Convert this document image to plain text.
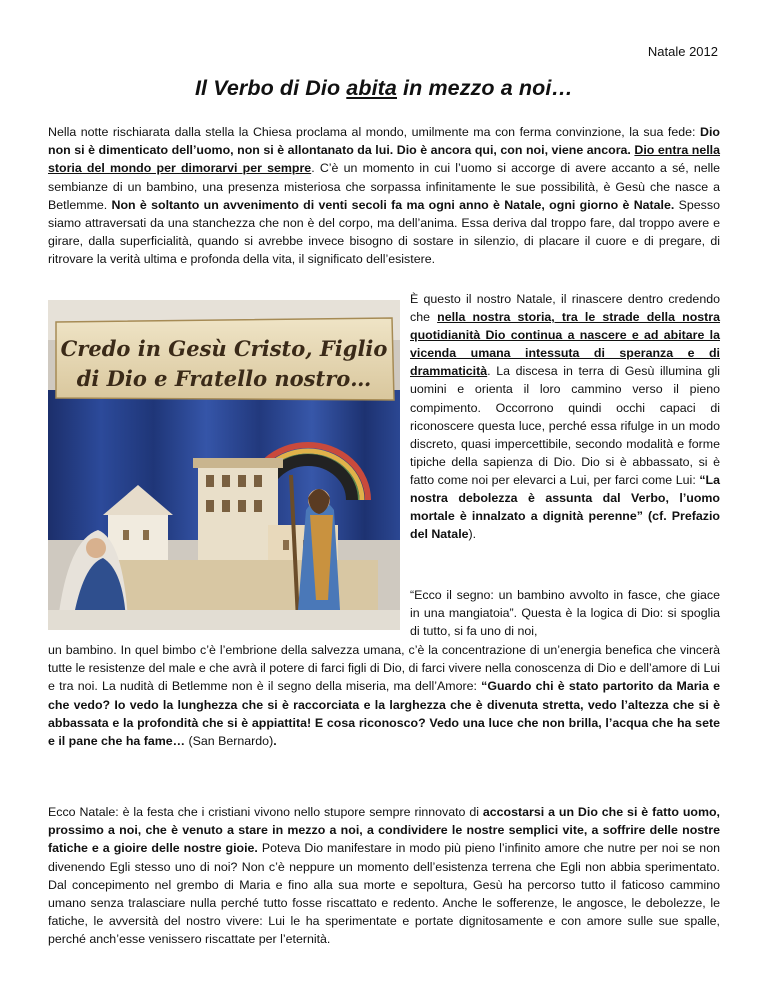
Natale 2012
Il Verbo di Dio abita in mezzo a noi…

Nella notte rischiarata dalla stella la Chiesa proclama al mondo, umilmente ma con ferma convinzione, la sua fede: Dio non si è dimenticato dell’uomo, non si è allontanato da lui. Dio è ancora qui, con noi, viene ancora. Dio entra nella storia del mondo per dimorarvi per sempre. C’è un momento in cui l’uomo si accorge di avere accanto a sé, nelle sembianze di un bambino, una presenza misteriosa che sorpassa infinitamente le sue possibilità, è Gesù che nasce a Betlemme. Non è soltanto un avvenimento di venti secoli fa ma ogni anno è Natale, ogni giorno è Natale. Spesso siamo attraversati da una stanchezza che non è del corpo, ma dell’anima. Essa deriva dal troppo fare, dal troppo avere e girare, dalla superficialità, quando si avrebbe invece bisogno di sostare in silenzio, di placare il cuore e di pregare, di ritrovare la verità ultima e profonda della vita, il significato dell’esistere.

Credo in Gesù Cristo, Figlio
di Dio e Fratello nostro…

È questo il nostro Natale, il rinascere dentro credendo che nella nostra storia, tra le strade della nostra quotidianità Dio continua a nascere e ad abitare la vicenda umana intessuta di speranza e di drammaticità. La discesa in terra di Gesù illumina gli uomini e orienta il loro cammino verso il pieno compimento. Occorrono quindi occhi capaci di riconoscere questa luce, perché essa rifulge in un modo discreto, quasi impercettibile, secondo modalità e forme tipiche della sapienza di Dio. Dio si è abbassato, si è fatto come noi per elevarci a Lui, per farci come Lui: “La nostra debolezza è assunta dal Verbo, l’uomo mortale è innalzato a dignità perenne” (cf. Prefazio del Natale).

“Ecco il segno: un bambino avvolto in fasce, che giace in una mangiatoia”. Questa è la logica di Dio: si spoglia di tutto, si fa uno di noi,

un bambino. In quel bimbo c’è l’embrione della salvezza umana, c’è la concentrazione di un’energia benefica che vincerà tutte le resistenze del male e che avrà il potere di farci figli di Dio, di farci vivere nella conoscenza di Dio e dell’amore di Lui e tra noi. La nudità di Betlemme non è il segno della miseria, ma dell’Amore: “Guardo chi è stato partorito da Maria e che vedo? Io vedo la lunghezza che si è raccorciata e la larghezza che è divenuta stretta, vedo l’altezza che si è abbassata e la profondità che si è appiattita! E cosa riconosco? Vedo una luce che non brilla, l’acqua che ha sete e il pane che ha fame… (San Bernardo).

Ecco Natale: è la festa che i cristiani vivono nello stupore sempre rinnovato di accostarsi a un Dio che si è fatto uomo, prossimo a noi, che è venuto a stare in mezzo a noi, a condividere le nostre semplici vite, a soffrire delle nostre fatiche e a gioire delle nostre gioie. Poteva Dio manifestare in modo più pieno l’infinito amore che nutre per noi se non divenendo Egli stesso uno di noi? Non c’è neppure un momento dell’esistenza terrena che Egli non abbia sperimentato. Dal concepimento nel grembo di Maria e fino alla sua morte e sepoltura, Gesù ha percorso tutto il faticoso cammino umano senza tralasciare nulla perché tutto fosse riscattato e redento. Anche le sofferenze, le angosce, le debolezze, le fatiche, le avversità del nostro vivere: Lui le ha sperimentate e portate dignitosamente e con amore sulle sue spalle, perché anch’esse venissero riscattate per l’eternità.
